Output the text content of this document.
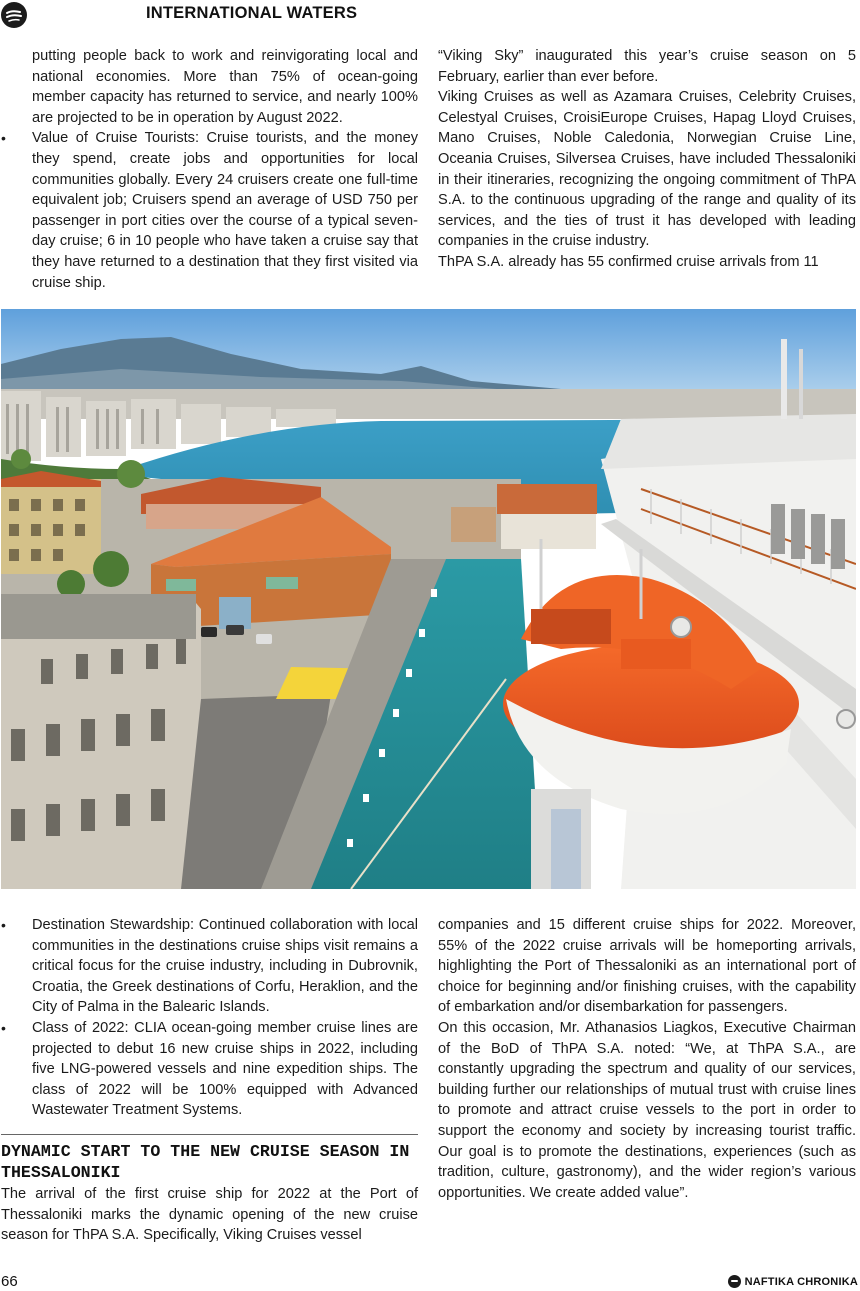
INTERNATIONAL WATERS

putting people back to work and reinvigorating local and national economies. More than 75% of ocean-going member capacity has returned to service, and nearly 100% are projected to be in operation by August 2022.

• Value of Cruise Tourists: Cruise tourists, and the money they spend, create jobs and opportunities for local communities globally. Every 24 cruisers create one full-time equivalent job; Cruisers spend an average of USD 750 per passenger in port cities over the course of a typical seven-day cruise; 6 in 10 people who have taken a cruise say that they have returned to a destination that they first visited via cruise ship.

“Viking Sky” inaugurated this year’s cruise season on 5 February, earlier than ever before.

Viking Cruises as well as Azamara Cruises, Celebrity Cruises, Celestyal Cruises, CroisiEurope Cruises, Hapag Lloyd Cruises, Mano Cruises, Noble Caledonia, Norwegian Cruise Line, Oceania Cruises, Silversea Cruises, have included Thessaloniki in their itineraries, recognizing the ongoing commitment of ThPA S.A. to the continuous upgrading of the range and quality of its services, and the ties of trust it has developed with leading companies in the cruise industry.

ThPA S.A. already has 55 confirmed cruise arrivals from 11

• Destination Stewardship: Continued collaboration with local communities in the destinations cruise ships visit remains a critical focus for the cruise industry, including in Dubrovnik, Croatia, the Greek destinations of Corfu, Heraklion, and the City of Palma in the Balearic Islands.
• Class of 2022: CLIA ocean-going member cruise lines are projected to debut 16 new cruise ships in 2022, including five LNG-powered vessels and nine expedition ships. The class of 2022 will be 100% equipped with Advanced Wastewater Treatment Systems.
DYNAMIC START TO THE NEW CRUISE SEASON IN THESSALONIKI

The arrival of the first cruise ship for 2022 at the Port of Thessaloniki marks the dynamic opening of the new cruise season for ThPA S.A. Specifically, Viking Cruises vessel

companies and 15 different cruise ships for 2022. Moreover, 55% of the 2022 cruise arrivals will be homeporting arrivals, highlighting the Port of Thessaloniki as an international port of choice for beginning and/or finishing cruises, with the capability of embarkation and/or disembarkation for passengers.

On this occasion, Mr. Athanasios Liagkos, Executive Chairman of the BoD of ThPA S.A. noted: “We, at ThPA S.A., are constantly upgrading the spectrum and quality of our services, building further our relationships of mutual trust with cruise lines to promote and attract cruise vessels to the port in order to support the economy and society by increasing tourist traffic. Our goal is to promote the destinations, experiences (such as tradition, culture, gastronomy), and the wider region’s various opportunities. We create added value”.

66	NAFTIKA CHRONIKA
